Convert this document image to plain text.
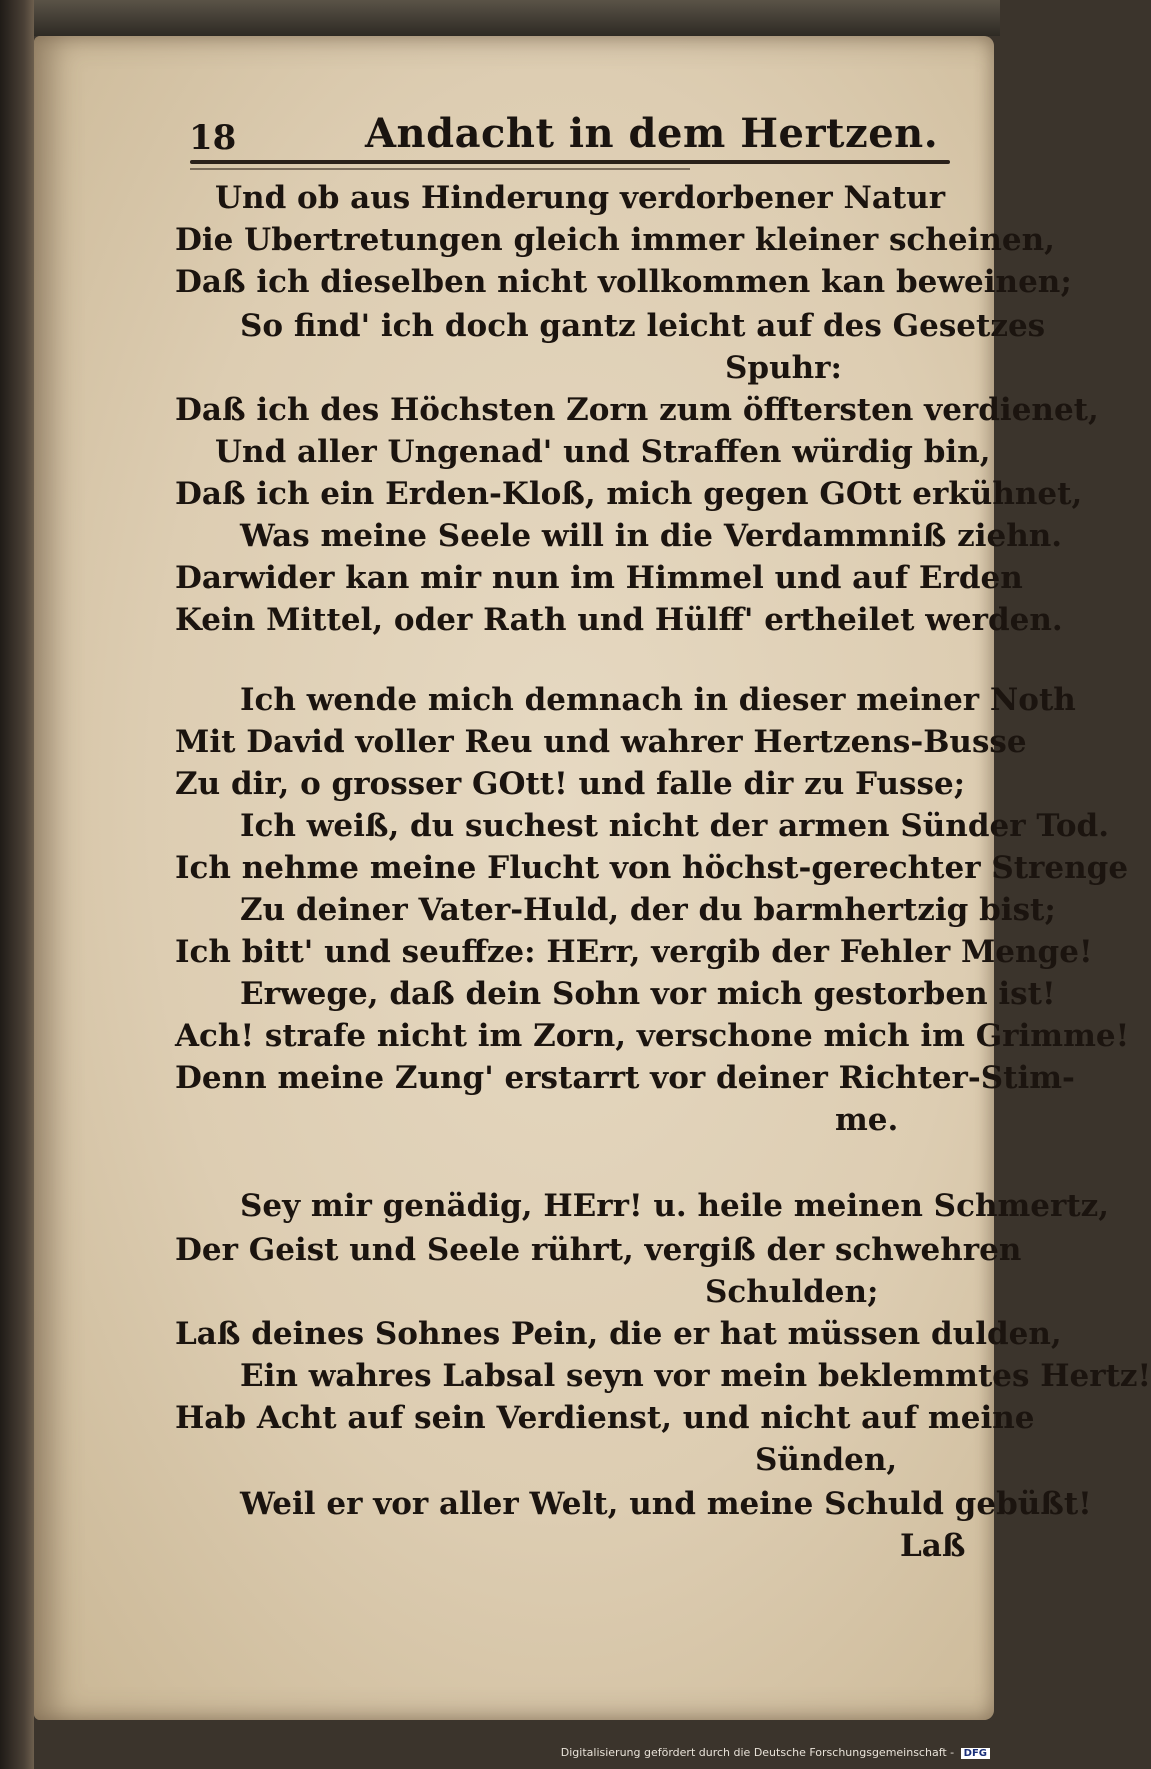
18	Andacht in dem Hertzen.
Und ob aus Hinderung verdorbener Natur
Die Ubertretungen gleich immer kleiner scheinen,
Daß ich dieselben nicht vollkommen kan beweinen;
So find' ich doch gantz leicht auf des Gesetzes
Spuhr:
Daß ich des Höchsten Zorn zum öfftersten verdienet,
Und aller Ungenad' und Straffen würdig bin,
Daß ich ein Erden-Kloß, mich gegen GOtt erkühnet,
Was meine Seele will in die Verdammniß ziehn.
Darwider kan mir nun im Himmel und auf Erden
Kein Mittel, oder Rath und Hülff' ertheilet werden.
Ich wende mich demnach in dieser meiner Noth
Mit David voller Reu und wahrer Hertzens-Busse
Zu dir, o grosser GOtt! und falle dir zu Fusse;
Ich weiß, du suchest nicht der armen Sünder Tod.
Ich nehme meine Flucht von höchst-gerechter Strenge
Zu deiner Vater-Huld, der du barmhertzig bist;
Ich bitt' und seuffze: HErr, vergib der Fehler Menge!
Erwege, daß dein Sohn vor mich gestorben ist!
Ach! strafe nicht im Zorn, verschone mich im Grimme!
Denn meine Zung' erstarrt vor deiner Richter-Stim-
me.
Sey mir genädig, HErr! u. heile meinen Schmertz,
Der Geist und Seele rührt, vergiß der schwehren
Schulden;
Laß deines Sohnes Pein, die er hat müssen dulden,
Ein wahres Labsal seyn vor mein beklemmtes Hertz!
Hab Acht auf sein Verdienst, und nicht auf meine
Sünden,
Weil er vor aller Welt, und meine Schuld gebüßt!
Laß
Digitalisierung gefördert durch die Deutsche Forschungsgemeinschaft - DFG
